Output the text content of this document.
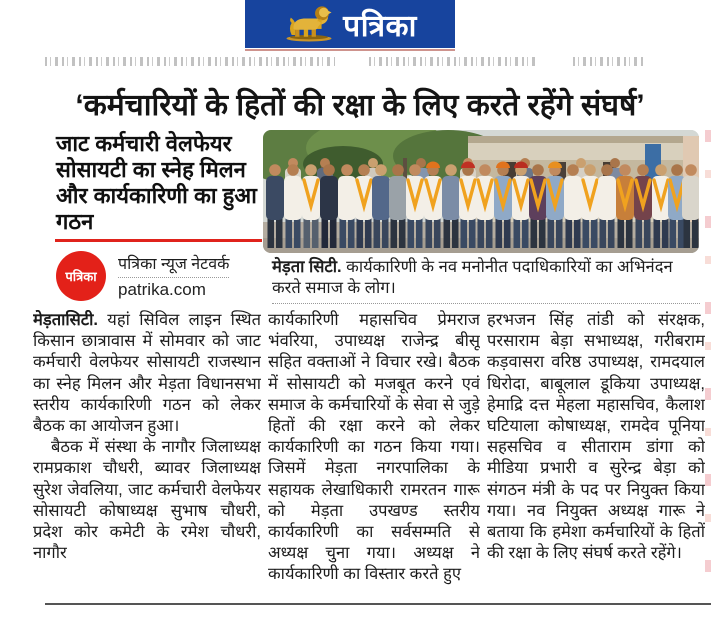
पत्रिका
‘कर्मचारियों के हितों की रक्षा के लिए करते रहेंगे संघर्ष’
जाट कर्मचारी वेलफेयर सोसायटी का स्नेह मिलन और कार्यकारिणी का हुआ गठन
पत्रिका
पत्रिका न्यूज नेटवर्क
patrika.com
मेड़ता सिटी. कार्यकारिणी के नव मनोनीत पदाधिकारियों का अभिनंदन करते समाज के लोग।

मेड़तासिटी. यहां सिविल लाइन स्थित किसान छात्रावास में सोमवार को जाट कर्मचारी वेलफेयर सोसायटी राजस्थान का स्नेह मिलन और मेड़ता विधानसभा स्तरीय कार्यकारिणी गठन को लेकर बैठक का आयोजन हुआ।

बैठक में संस्था के नागौर जिलाध्यक्ष रामप्रकाश चौधरी, ब्यावर जिलाध्यक्ष सुरेश जेवलिया, जाट कर्मचारी वेलफेयर सोसायटी कोषाध्यक्ष सुभाष चौधरी, प्रदेश कोर कमेटी के रमेश चौधरी, नागौर

कार्यकारिणी महासचिव प्रेमराज भंवरिया, उपाध्यक्ष राजेन्द्र बीसू सहित वक्ताओं ने विचार रखे। बैठक में सोसायटी को मजबूत करने एवं समाज के कर्मचारियों के सेवा से जुड़े हितों की रक्षा करने को लेकर कार्यकारिणी का गठन किया गया। जिसमें मेड़ता नगरपालिका के सहायक लेखाधिकारी रामरतन गारू को मेड़ता उपखण्ड स्तरीय कार्यकारिणी का सर्वसम्मति से अध्यक्ष चुना गया। अध्यक्ष ने कार्यकारिणी का विस्तार करते हुए

हरभजन सिंह तांडी को संरक्षक, परसाराम बेड़ा सभाध्यक्ष, गरीबराम कड़वासरा वरिष्ठ उपाध्यक्ष, रामदयाल धिरोदा, बाबूलाल डूकिया उपाध्यक्ष, हेमाद्रि दत्त मेहला महासचिव, कैलाश घटियाला कोषाध्यक्ष, रामदेव पूनिया सहसचिव व सीताराम डांगा को मीडिया प्रभारी व सुरेन्द्र बेड़ा को संगठन मंत्री के पद पर नियुक्त किया गया। नव नियुक्त अध्यक्ष गारू ने बताया कि हमेशा कर्मचारियों के हितों की रक्षा के लिए संघर्ष करते रहेंगे।
